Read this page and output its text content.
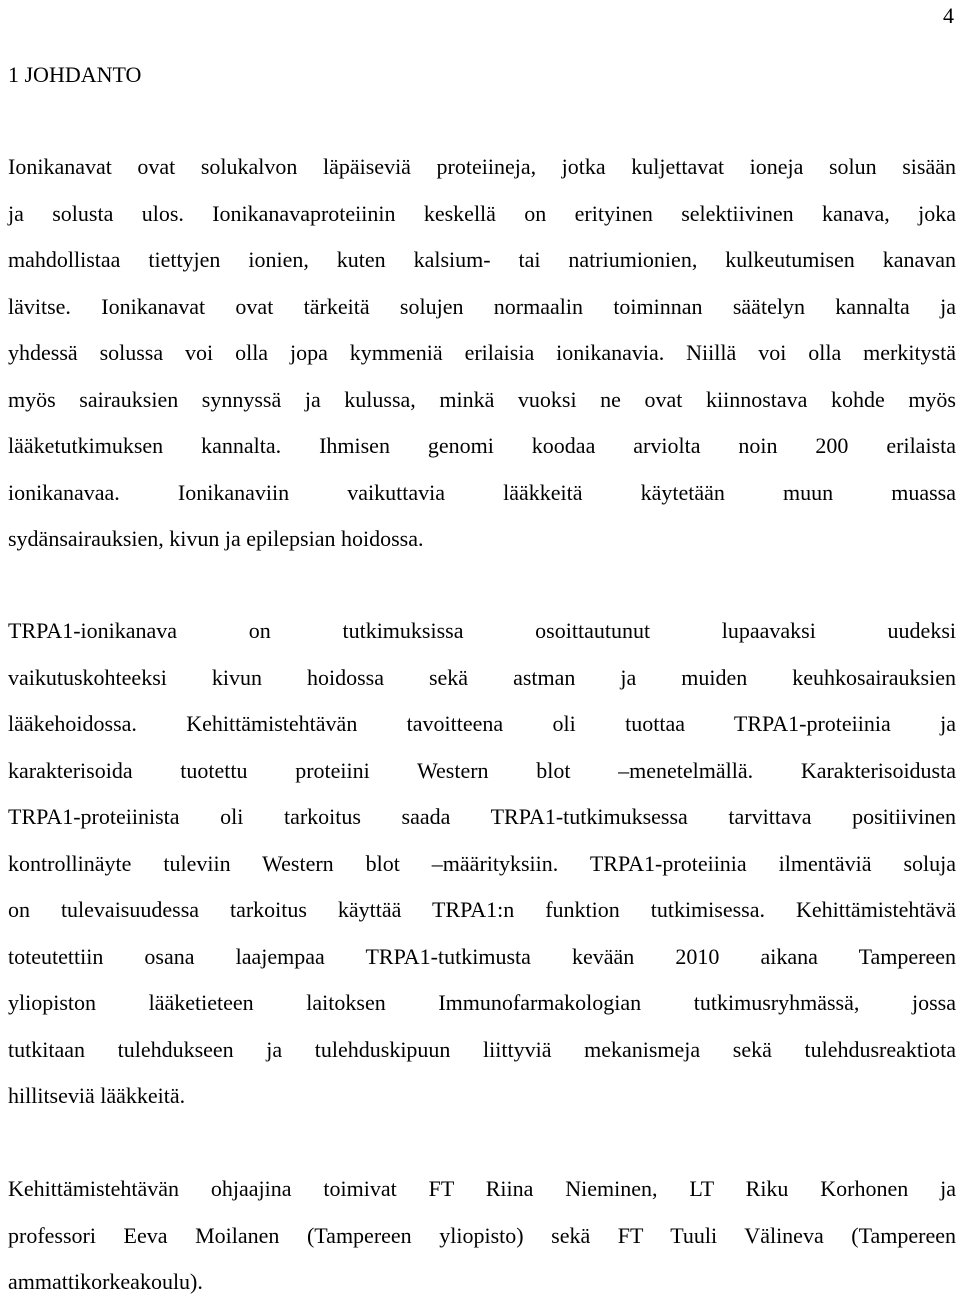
4
1 JOHDANTO
Ionikanavat ovat solukalvon läpäiseviä proteiineja, jotka kuljettavat ioneja solun sisään
ja solusta ulos. Ionikanavaproteiinin keskellä on erityinen selektiivinen kanava, joka
mahdollistaa tiettyjen ionien, kuten kalsium- tai natriumionien, kulkeutumisen kanavan
lävitse. Ionikanavat ovat tärkeitä solujen normaalin toiminnan säätelyn kannalta ja
yhdessä solussa voi olla jopa kymmeniä erilaisia ionikanavia. Niillä voi olla merkitystä
myös sairauksien synnyssä ja kulussa, minkä vuoksi ne ovat kiinnostava kohde myös
lääketutkimuksen kannalta. Ihmisen genomi koodaa arviolta noin 200 erilaista
ionikanavaa. Ionikanaviin vaikuttavia lääkkeitä käytetään muun muassa
sydänsairauksien, kivun ja epilepsian hoidossa.
TRPA1-ionikanava on tutkimuksissa osoittautunut lupaavaksi uudeksi
vaikutuskohteeksi kivun hoidossa sekä astman ja muiden keuhkosairauksien
lääkehoidossa. Kehittämistehtävän tavoitteena oli tuottaa TRPA1-proteiinia ja
karakterisoida tuotettu proteiini Western blot –menetelmällä. Karakterisoidusta
TRPA1-proteiinista oli tarkoitus saada TRPA1-tutkimuksessa tarvittava positiivinen
kontrollinäyte tuleviin Western blot –määrityksiin. TRPA1-proteiinia ilmentäviä soluja
on tulevaisuudessa tarkoitus käyttää TRPA1:n funktion tutkimisessa. Kehittämistehtävä
toteutettiin osana laajempaa TRPA1-tutkimusta kevään 2010 aikana Tampereen
yliopiston lääketieteen laitoksen Immunofarmakologian tutkimusryhmässä, jossa
tutkitaan tulehdukseen ja tulehduskipuun liittyviä mekanismeja sekä tulehdusreaktiota
hillitseviä lääkkeitä.
Kehittämistehtävän ohjaajina toimivat FT Riina Nieminen, LT Riku Korhonen ja
professori Eeva Moilanen (Tampereen yliopisto) sekä FT Tuuli Välineva (Tampereen
ammattikorkeakoulu).
